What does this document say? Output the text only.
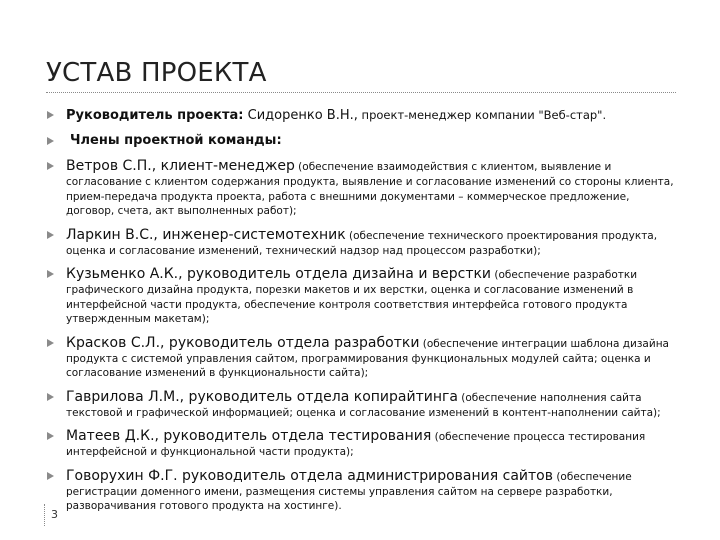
УСТАВ ПРОЕКТА
Руководитель проекта: Сидоренко В.Н., проект-менеджер компании "Веб-стар".
Члены проектной команды:
Ветров С.П., клиент-менеджер (обеспечение взаимодействия с клиентом, выявление и согласование с клиентом содержания продукта, выявление и согласование изменений со стороны клиента, прием-передача продукта проекта, работа с внешними документами – коммерческое предложение, договор, счета, акт выполненных работ);
Ларкин В.С., инженер-системотехник (обеспечение технического проектирования продукта, оценка и согласование изменений, технический надзор над процессом разработки);
Кузьменко А.К., руководитель отдела дизайна и верстки (обеспечение разработки графического дизайна продукта, порезки макетов и их верстки, оценка и согласование изменений в интерфейсной части продукта, обеспечение контроля соответствия интерфейса готового продукта утвержденным макетам);
Красков С.Л., руководитель отдела разработки (обеспечение интеграции шаблона дизайна продукта с системой управления сайтом, программирования функциональных модулей сайта; оценка и согласование изменений в функциональности сайта);
Гаврилова Л.М., руководитель отдела копирайтинга (обеспечение наполнения сайта текстовой и графической информацией; оценка и согласование изменений в контент-наполнении сайта);
Матеев Д.К., руководитель отдела тестирования (обеспечение процесса тестирования интерфейсной и функциональной части продукта);
Говорухин Ф.Г. руководитель отдела администрирования сайтов (обеспечение регистрации доменного имени, размещения системы управления сайтом на сервере разработки, разворачивания готового продукта на хостинге).
3
